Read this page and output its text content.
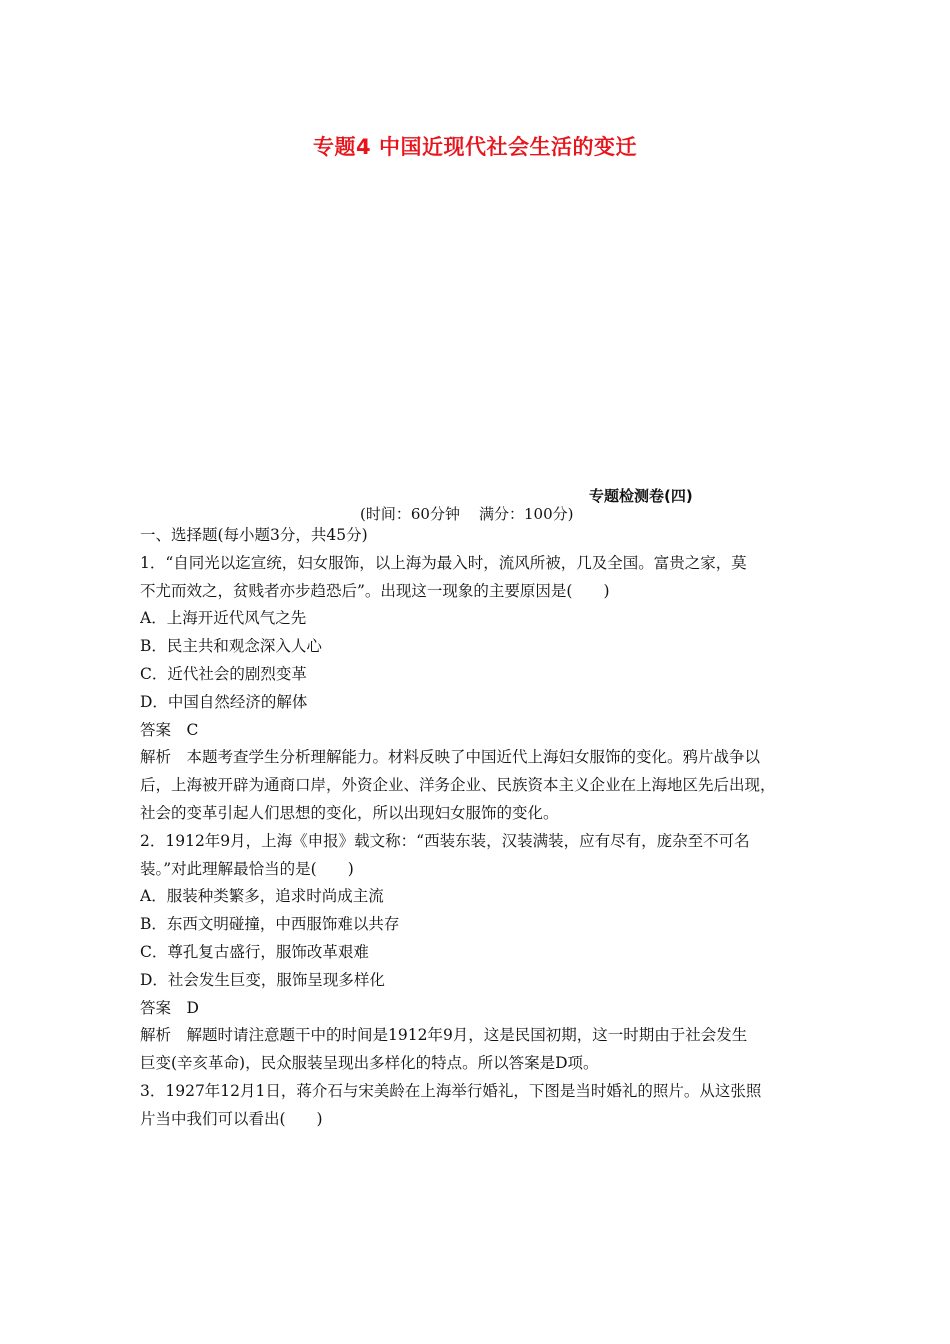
专题4 中国近现代社会生活的变迁
专题检测卷(四)
(时间：60分钟    满分：100分)
一、选择题(每小题3分，共45分)
1．“自同光以迄宣统，妇女服饰，以上海为最入时，流风所被，几及全国。富贵之家，莫
不尤而效之，贫贱者亦步趋恐后”。出现这一现象的主要原因是(　　)
A．上海开近代风气之先
B．民主共和观念深入人心
C．近代社会的剧烈变革
D．中国自然经济的解体
答案　C
解析　本题考查学生分析理解能力。材料反映了中国近代上海妇女服饰的变化。鸦片战争以
后，上海被开辟为通商口岸，外资企业、洋务企业、民族资本主义企业在上海地区先后出现，
社会的变革引起人们思想的变化，所以出现妇女服饰的变化。
2．1912年9月，上海《申报》载文称：“西装东装，汉装满装，应有尽有，庞杂至不可名
装。”对此理解最恰当的是(　　)
A．服装种类繁多，追求时尚成主流
B．东西文明碰撞，中西服饰难以共存
C．尊孔复古盛行，服饰改革艰难
D．社会发生巨变，服饰呈现多样化
答案　D
解析　解题时请注意题干中的时间是1912年9月，这是民国初期，这一时期由于社会发生
巨变(辛亥革命)，民众服装呈现出多样化的特点。所以答案是D项。
3．1927年12月1日，蒋介石与宋美龄在上海举行婚礼，下图是当时婚礼的照片。从这张照
片当中我们可以看出(　　)
